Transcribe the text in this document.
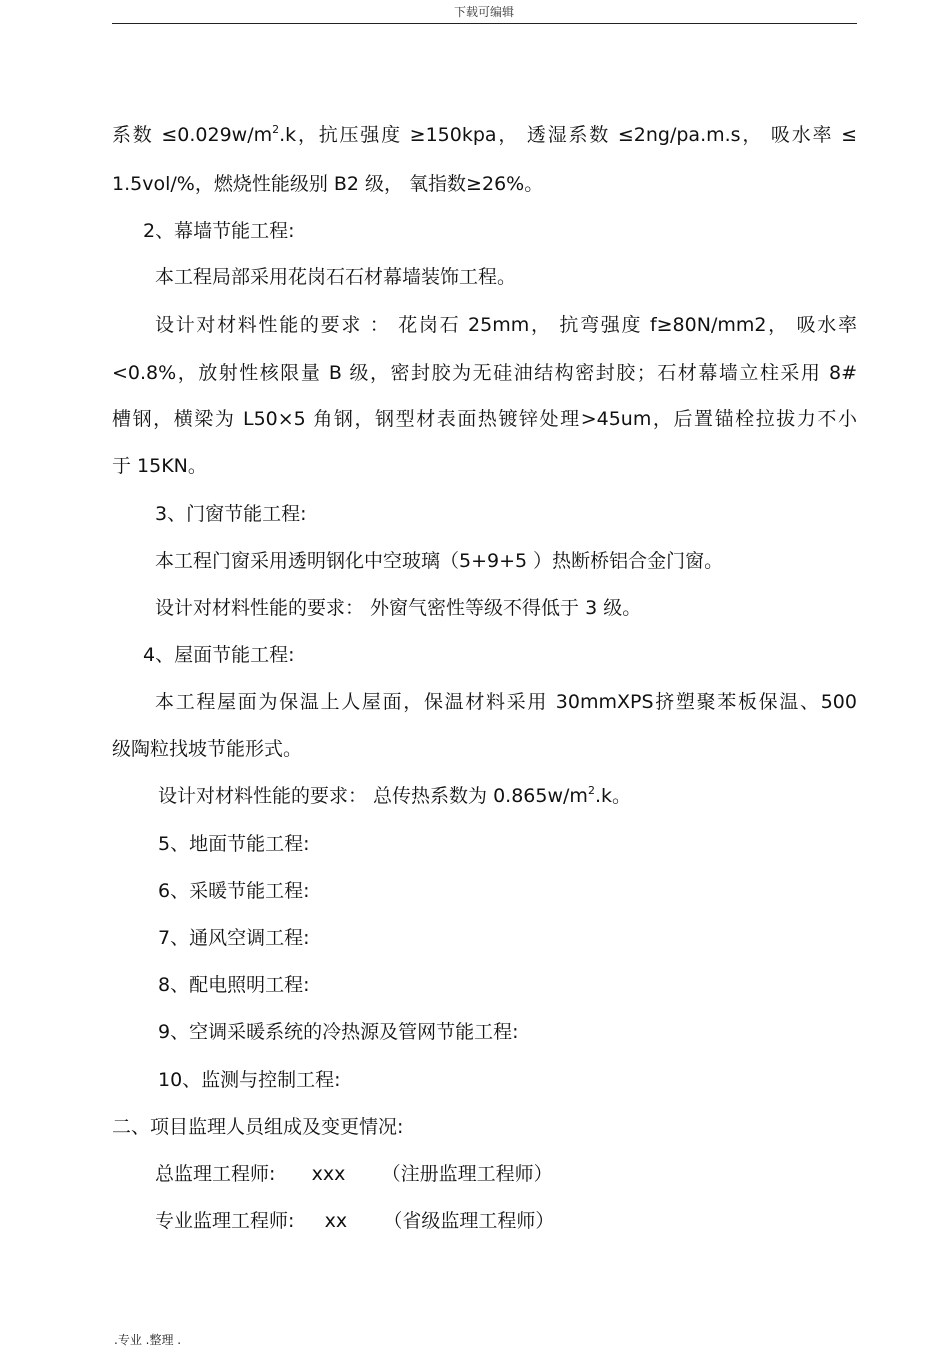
下载可编辑
系数 $\le 0.029w/m^2.k$，抗压强度 ≥150kpa， 透湿系数 ≤2ng/pa.m.s， 吸水率 ≤
1.5vol/%，燃烧性能级别 B2 级， 氧指数≥26%。
2、幕墙节能工程:
本工程局部采用花岗石石材幕墙装饰工程。
设计对材料性能的要求 ： 花岗石 25mm， 抗弯强度 f≥80N/mm2， 吸水率
<0.8%，放射性核限量 B 级，密封胶为无硅油结构密封胶；石材幕墙立柱采用 8#
槽钢，横梁为 L50×5 角钢，钢型材表面热镀锌处理>45um，后置锚栓拉拔力不小
于 15KN。
3、门窗节能工程:
本工程门窗采用透明钢化中空玻璃（5+9+5 ）热断桥铝合金门窗。
设计对材料性能的要求： 外窗气密性等级不得低于 3 级。
4、屋面节能工程:
本工程屋面为保温上人屋面，保温材料采用 30mmXPS挤塑聚苯板保温、500
级陶粒找坡节能形式。
设计对材料性能的要求： 总传热系数为 $0.865w/m^2.k$。
5、地面节能工程:
6、采暖节能工程:
7、通风空调工程:
8、配电照明工程:
9、空调采暖系统的冷热源及管网节能工程:
10、监测与控制工程:
二、项目监理人员组成及变更情况:
总监理工程师:      xxx      （注册监理工程师）
专业监理工程师:     xx      （省级监理工程师）
.专业 .整理 .
